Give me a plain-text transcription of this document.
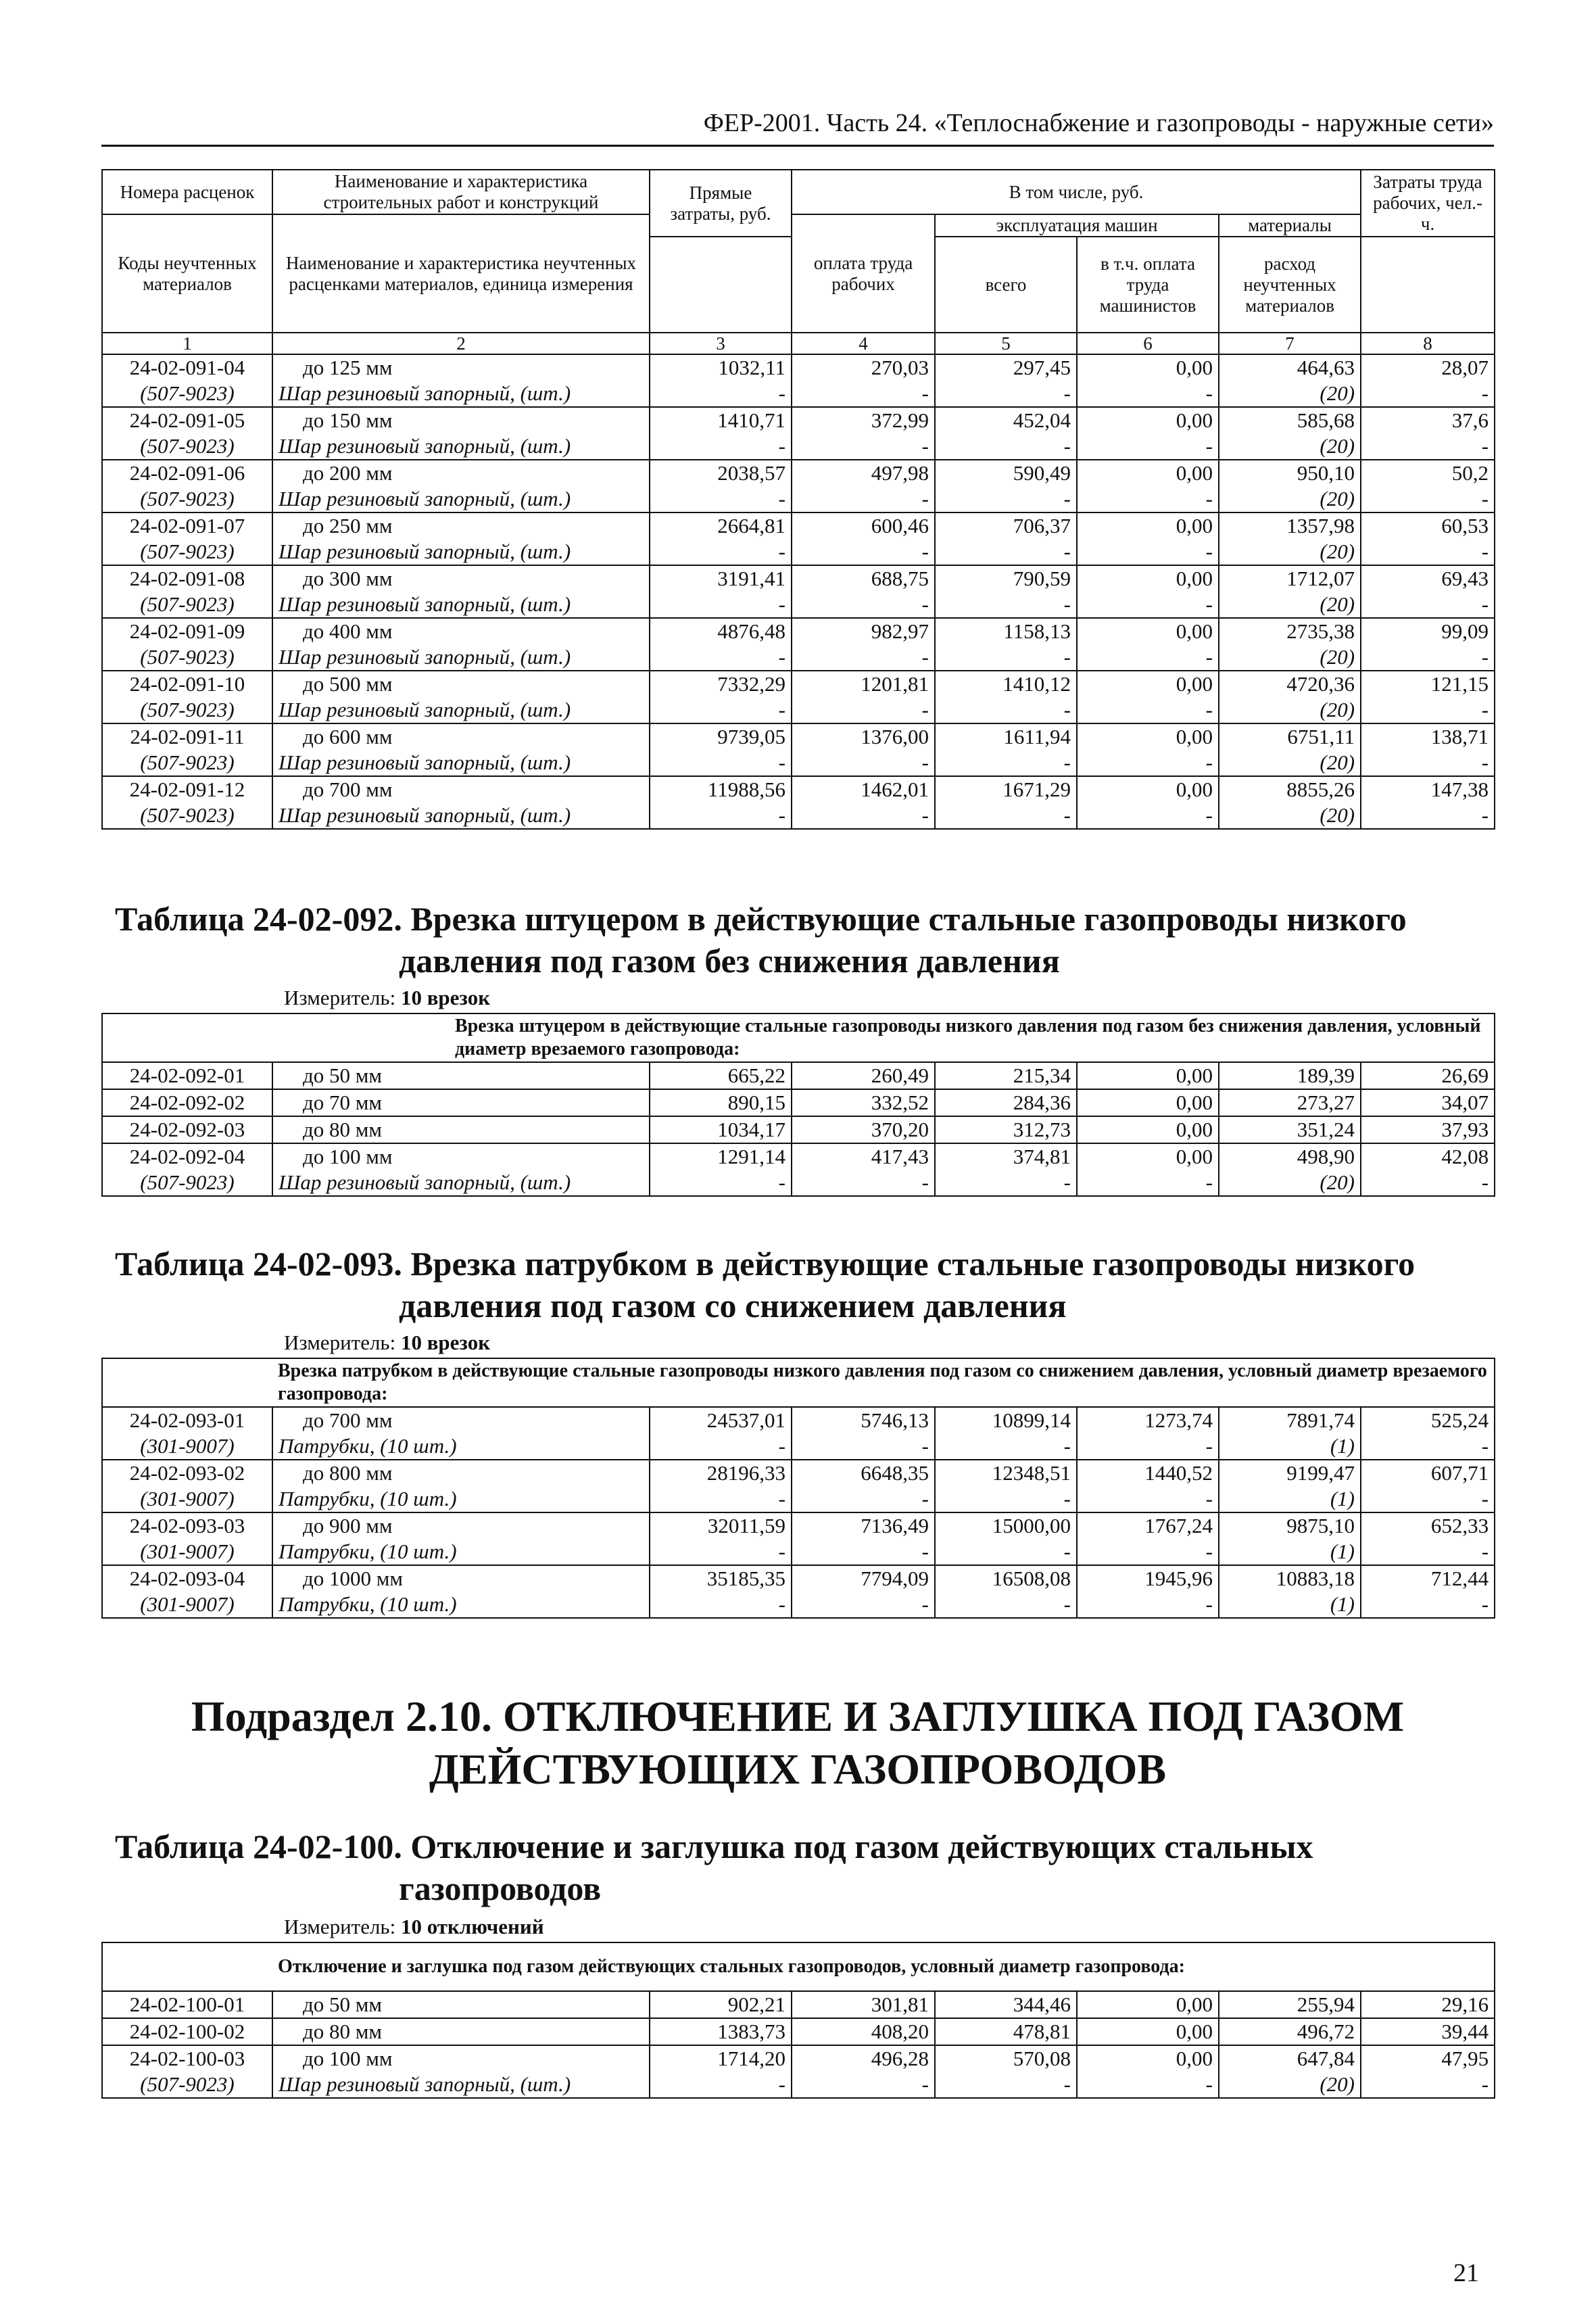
ФЕР-2001. Часть 24. «Теплоснабжение и газопроводы - наружные сети»
Номера расценок	Наименование и характеристика строительных работ и конструкций	Прямые затраты, руб.	В том числе, руб.				Затраты труда рабочих, чел.-ч.
Коды неучтенных материалов	Наименование и характеристика неучтенных расценками материалов, единица измерения		оплата труда рабочих	эксплуатация машин		материалы	
				всего	в т.ч. оплата труда машинистов	расход неучтенных материалов	
1	2	3	4	5	6	7	8
24-02-091-04	до 125 мм	1032,11	270,03	297,45	0,00	464,63	28,07
(507-9023)	Шар резиновый запорный, (шт.)	-	-	-	-	(20)	-
24-02-091-05	до 150 мм	1410,71	372,99	452,04	0,00	585,68	37,6
(507-9023)	Шар резиновый запорный, (шт.)	-	-	-	-	(20)	-
24-02-091-06	до 200 мм	2038,57	497,98	590,49	0,00	950,10	50,2
(507-9023)	Шар резиновый запорный, (шт.)	-	-	-	-	(20)	-
24-02-091-07	до 250 мм	2664,81	600,46	706,37	0,00	1357,98	60,53
(507-9023)	Шар резиновый запорный, (шт.)	-	-	-	-	(20)	-
24-02-091-08	до 300 мм	3191,41	688,75	790,59	0,00	1712,07	69,43
(507-9023)	Шар резиновый запорный, (шт.)	-	-	-	-	(20)	-
24-02-091-09	до 400 мм	4876,48	982,97	1158,13	0,00	2735,38	99,09
(507-9023)	Шар резиновый запорный, (шт.)	-	-	-	-	(20)	-
24-02-091-10	до 500 мм	7332,29	1201,81	1410,12	0,00	4720,36	121,15
(507-9023)	Шар резиновый запорный, (шт.)	-	-	-	-	(20)	-
24-02-091-11	до 600 мм	9739,05	1376,00	1611,94	0,00	6751,11	138,71
(507-9023)	Шар резиновый запорный, (шт.)	-	-	-	-	(20)	-
24-02-091-12	до 700 мм	11988,56	1462,01	1671,29	0,00	8855,26	147,38
(507-9023)	Шар резиновый запорный, (шт.)	-	-	-	-	(20)	-
Таблица 24-02-092. Врезка штуцером в действующие стальные газопроводы низкого
давления под газом без снижения давления
Измеритель: 10 врезок
	Врезка штуцером в действующие стальные газопроводы низкого давления под газом без снижения давления, условный диаметр врезаемого газопровода:						
24-02-092-01	до 50 мм	665,22	260,49	215,34	0,00	189,39	26,69
24-02-092-02	до 70 мм	890,15	332,52	284,36	0,00	273,27	34,07
24-02-092-03	до 80 мм	1034,17	370,20	312,73	0,00	351,24	37,93
24-02-092-04	до 100 мм	1291,14	417,43	374,81	0,00	498,90	42,08
(507-9023)	Шар резиновый запорный, (шт.)	-	-	-	-	(20)	-
Таблица 24-02-093. Врезка патрубком в действующие стальные газопроводы низкого
давления под газом со снижением давления
Измеритель: 10 врезок
	Врезка патрубком в действующие стальные газопроводы низкого давления под газом со снижением давления, условный диаметр врезаемого газопровода:						
24-02-093-01	до 700 мм	24537,01	5746,13	10899,14	1273,74	7891,74	525,24
(301-9007)	Патрубки, (10 шт.)	-	-	-	-	(1)	-
24-02-093-02	до 800 мм	28196,33	6648,35	12348,51	1440,52	9199,47	607,71
(301-9007)	Патрубки, (10 шт.)	-	-	-	-	(1)	-
24-02-093-03	до 900 мм	32011,59	7136,49	15000,00	1767,24	9875,10	652,33
(301-9007)	Патрубки, (10 шт.)	-	-	-	-	(1)	-
24-02-093-04	до 1000 мм	35185,35	7794,09	16508,08	1945,96	10883,18	712,44
(301-9007)	Патрубки, (10 шт.)	-	-	-	-	(1)	-
Подраздел 2.10. ОТКЛЮЧЕНИЕ И ЗАГЛУШКА ПОД ГАЗОМ
ДЕЙСТВУЮЩИХ ГАЗОПРОВОДОВ
Таблица 24-02-100. Отключение и заглушка под газом действующих стальных
газопроводов
Измеритель: 10 отключений
	Отключение и заглушка под газом действующих стальных газопроводов, условный диаметр газопровода:						
24-02-100-01	до 50 мм	902,21	301,81	344,46	0,00	255,94	29,16
24-02-100-02	до 80 мм	1383,73	408,20	478,81	0,00	496,72	39,44
24-02-100-03	до 100 мм	1714,20	496,28	570,08	0,00	647,84	47,95
(507-9023)	Шар резиновый запорный, (шт.)	-	-	-	-	(20)	-
21
